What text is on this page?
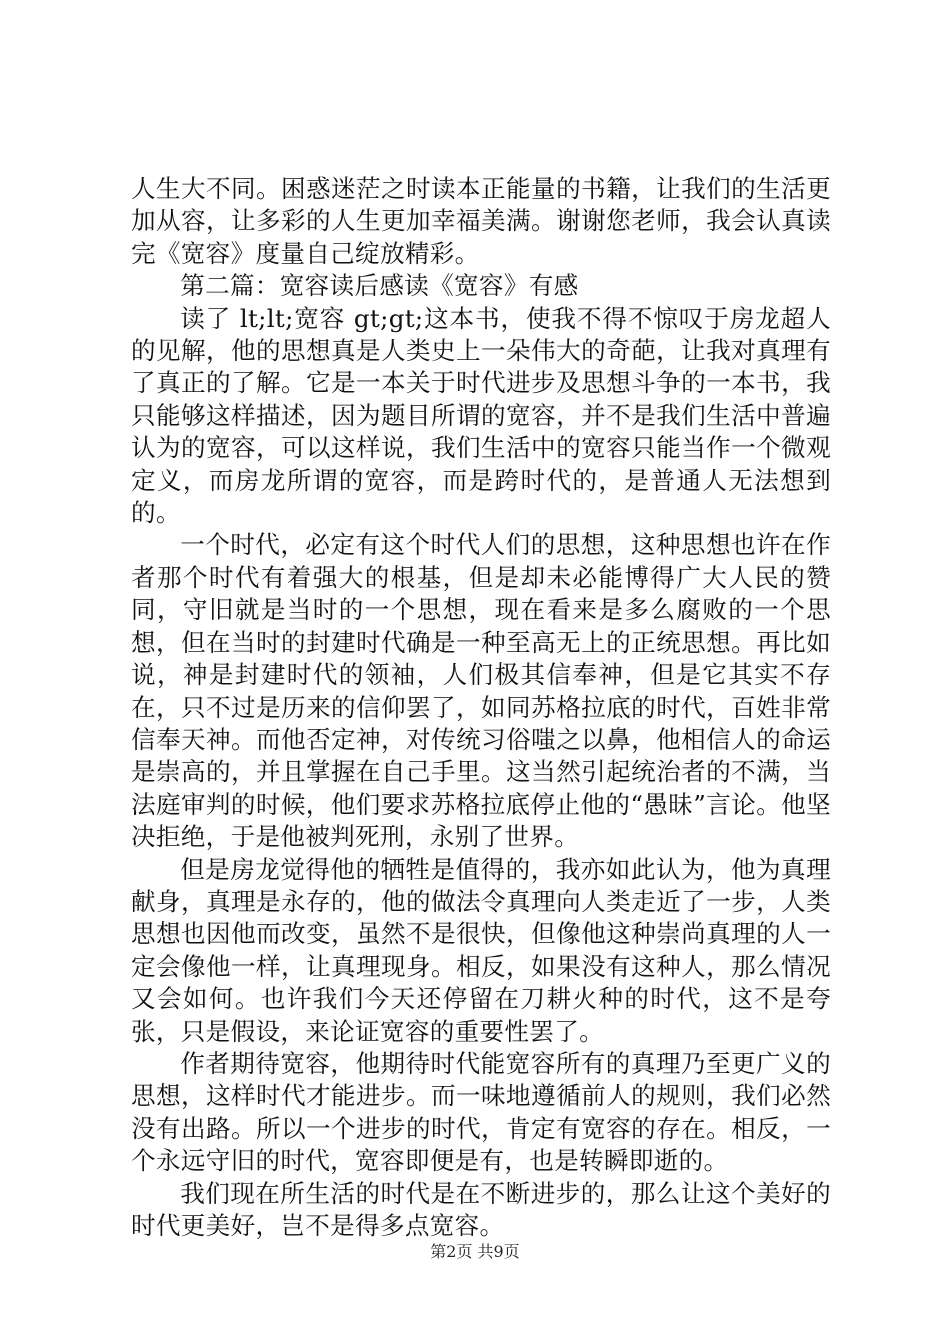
人生大不同。困惑迷茫之时读本正能量的书籍，让我们的生活更加从容，让多彩的人生更加幸福美满。谢谢您老师，我会认真读完《宽容》度量自己绽放精彩。

第二篇：宽容读后感读《宽容》有感

读了 lt;lt;宽容 gt;gt;这本书，使我不得不惊叹于房龙超人的见解，他的思想真是人类史上一朵伟大的奇葩，让我对真理有了真正的了解。它是一本关于时代进步及思想斗争的一本书，我只能够这样描述，因为题目所谓的宽容，并不是我们生活中普遍认为的宽容，可以这样说，我们生活中的宽容只能当作一个微观定义，而房龙所谓的宽容，而是跨时代的，是普通人无法想到的。

一个时代，必定有这个时代人们的思想，这种思想也许在作者那个时代有着强大的根基，但是却未必能博得广大人民的赞同，守旧就是当时的一个思想，现在看来是多么腐败的一个思想，但在当时的封建时代确是一种至高无上的正统思想。再比如说，神是封建时代的领袖，人们极其信奉神，但是它其实不存在，只不过是历来的信仰罢了，如同苏格拉底的时代，百姓非常信奉天神。而他否定神，对传统习俗嗤之以鼻，他相信人的命运是崇高的，并且掌握在自己手里。这当然引起统治者的不满，当法庭审判的时候，他们要求苏格拉底停止他的“愚昧”言论。他坚决拒绝，于是他被判死刑，永别了世界。

但是房龙觉得他的牺牲是值得的，我亦如此认为，他为真理献身，真理是永存的，他的做法令真理向人类走近了一步，人类思想也因他而改变，虽然不是很快，但像他这种崇尚真理的人一定会像他一样，让真理现身。相反，如果没有这种人，那么情况又会如何。也许我们今天还停留在刀耕火种的时代，这不是夸张，只是假设，来论证宽容的重要性罢了。

作者期待宽容，他期待时代能宽容所有的真理乃至更广义的思想，这样时代才能进步。而一味地遵循前人的规则，我们必然没有出路。所以一个进步的时代，肯定有宽容的存在。相反，一个永远守旧的时代，宽容即便是有，也是转瞬即逝的。

我们现在所生活的时代是在不断进步的，那么让这个美好的时代更美好，岂不是得多点宽容。

第2页 共9页
